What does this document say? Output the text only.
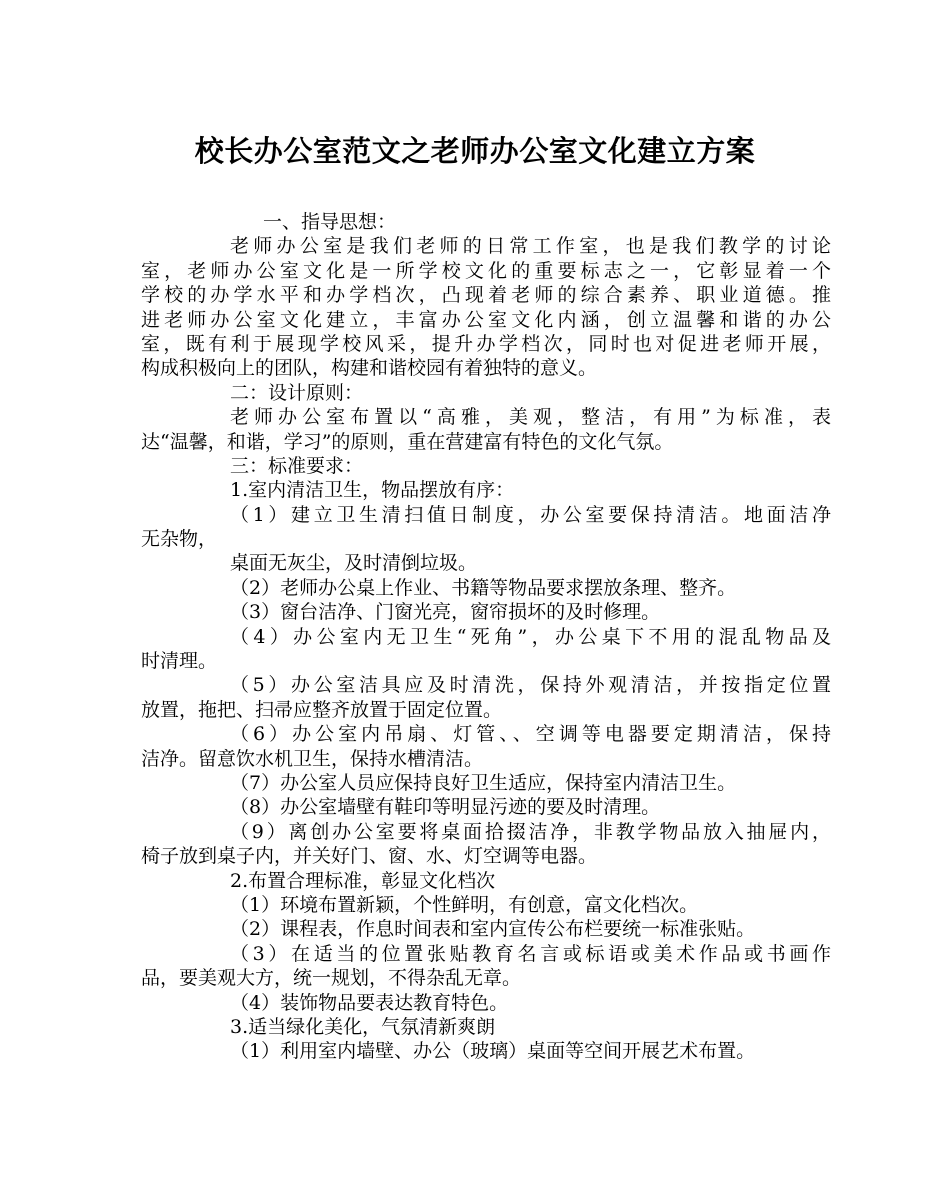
校长办公室范文之老师办公室文化建立方案
一、指导思想：
老师办公室是我们老师的日常工作室，也是我们教学的讨论
室，老师办公室文化是一所学校文化的重要标志之一，它彰显着一个
学校的办学水平和办学档次，凸现着老师的综合素养、职业道德。推
进老师办公室文化建立，丰富办公室文化内涵，创立温馨和谐的办公
室，既有利于展现学校风采，提升办学档次，同时也对促进老师开展，
构成积极向上的团队，构建和谐校园有着独特的意义。
二：设计原则：
老师办公室布置以“高雅，美观，整洁，有用”为标准，表
达“温馨，和谐，学习”的原则，重在营建富有特色的文化气氛。
三：标准要求：
1.室内清洁卫生，物品摆放有序：
（1）建立卫生清扫值日制度，办公室要保持清洁。地面洁净
无杂物，
桌面无灰尘，及时清倒垃圾。
（2）老师办公桌上作业、书籍等物品要求摆放条理、整齐。
（3）窗台洁净、门窗光亮，窗帘损坏的及时修理。
（4）办公室内无卫生“死角”，办公桌下不用的混乱物品及
时清理。
（5）办公室洁具应及时清洗，保持外观清洁，并按指定位置
放置，拖把、扫帚应整齐放置于固定位置。
（6）办公室内吊扇、灯管、、空调等电器要定期清洁，保持
洁净。留意饮水机卫生，保持水槽清洁。
（7）办公室人员应保持良好卫生适应，保持室内清洁卫生。
（8）办公室墙壁有鞋印等明显污迹的要及时清理。
（9）离创办公室要将桌面拾掇洁净，非教学物品放入抽屉内，
椅子放到桌子内，并关好门、窗、水、灯空调等电器。
2.布置合理标准，彰显文化档次
（1）环境布置新颖，个性鲜明，有创意，富文化档次。
（2）课程表，作息时间表和室内宣传公布栏要统一标准张贴。
（3）在适当的位置张贴教育名言或标语或美术作品或书画作
品，要美观大方，统一规划，不得杂乱无章。
（4）装饰物品要表达教育特色。
3.适当绿化美化，气氛清新爽朗
（1）利用室内墙壁、办公（玻璃）桌面等空间开展艺术布置。
